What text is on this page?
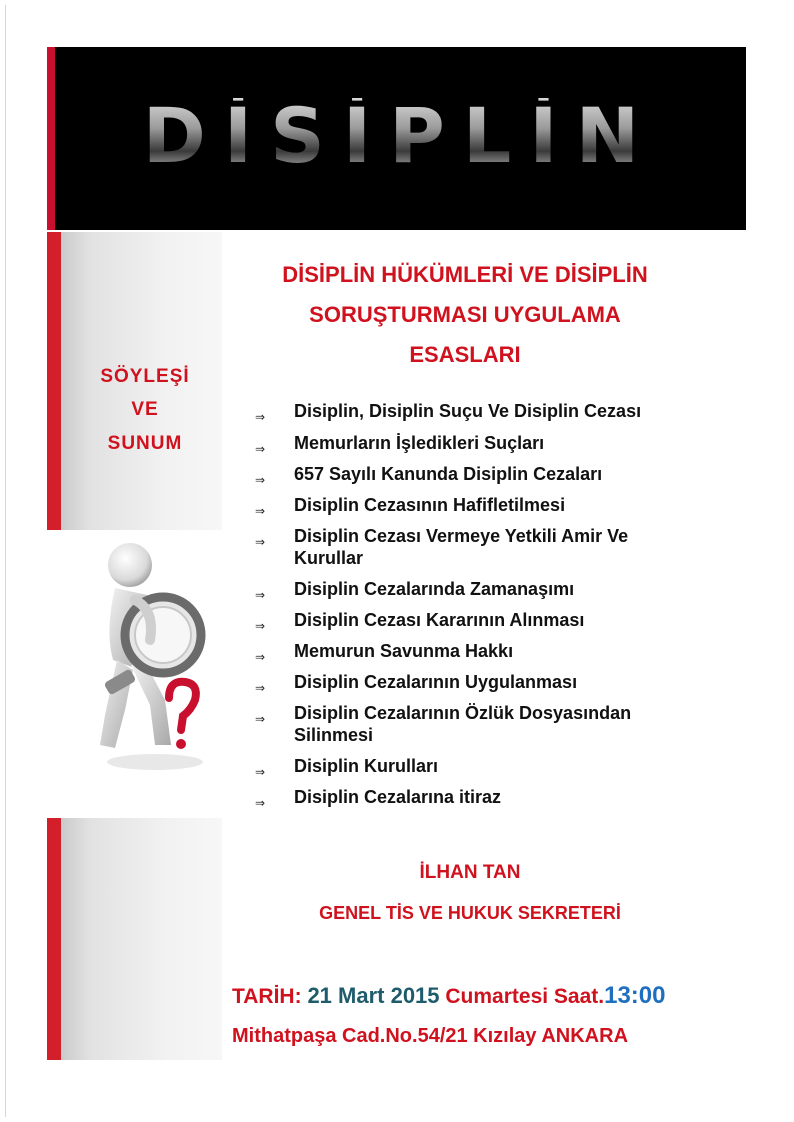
DİSİPLİN
SÖYLEŞİ
VE
SUNUM
DİSİPLİN HÜKÜMLERİ VE DİSİPLİN
SORUŞTURMASI UYGULAMA
ESASLARI
⇒ Disiplin, Disiplin Suçu Ve Disiplin Cezası
⇒ Memurların İşledikleri Suçları
⇒ 657 Sayılı Kanunda Disiplin Cezaları
⇒ Disiplin Cezasının Hafifletilmesi
⇒ Disiplin Cezası Vermeye Yetkili Amir Ve Kurullar
⇒ Disiplin Cezalarında Zamanaşımı
⇒ Disiplin Cezası Kararının Alınması
⇒ Memurun Savunma Hakkı
⇒ Disiplin Cezalarının Uygulanması
⇒ Disiplin Cezalarının Özlük Dosyasından Silinmesi
⇒ Disiplin Kurulları
⇒ Disiplin Cezalarına itiraz
İLHAN TAN
GENEL TİS VE HUKUK SEKRETERİ
TARİH: 21 Mart 2015 Cumartesi Saat.13:00
Mithatpaşa Cad.No.54/21 Kızılay ANKARA
